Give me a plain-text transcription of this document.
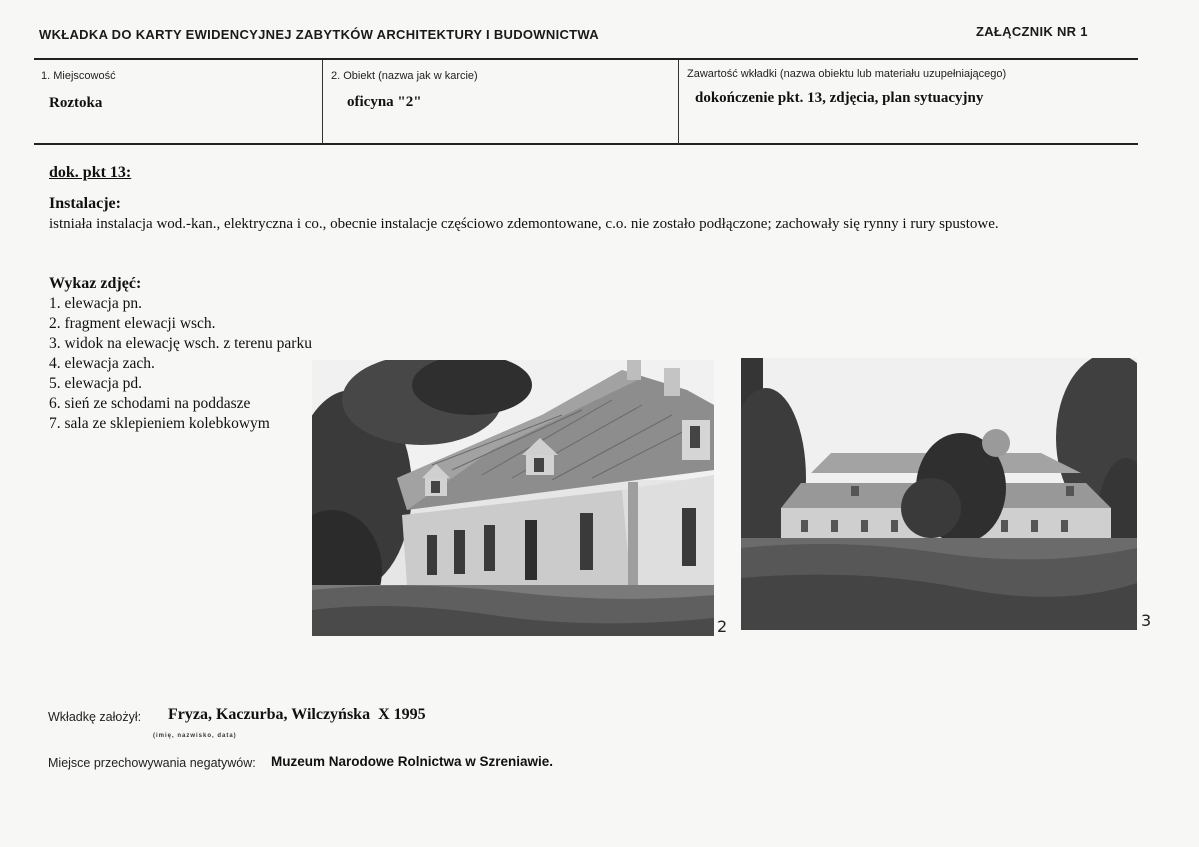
WKŁADKA DO KARTY EWIDENCYJNEJ ZABYTKÓW ARCHITEKTURY I BUDOWNICTWA	ZAŁĄCZNIK NR 1
1. Miejscowość
Roztoka
2. Obiekt (nazwa jak w karcie)
oficyna "2"
Zawartość wkładki (nazwa obiektu lub materiału uzupełniającego)
dokończenie pkt. 13, zdjęcia, plan sytuacyjny
dok. pkt 13:
Instalacje:
istniała instalacja wod.-kan., elektryczna i co., obecnie instalacje częściowo zdemontowane, c.o. nie zostało podłączone; zachowały się rynny i rury spustowe.
Wykaz zdjęć:
1. elewacja pn.
2. fragment elewacji wsch.
3. widok na elewację wsch. z terenu parku
4. elewacja zach.
5. elewacja pd.
6. sień ze schodami na poddasze
7. sala ze sklepieniem kolebkowym
2	3
Wkładkę założył: Fryza, Kaczurba, Wilczyńska  X 1995
(imię, nazwisko, data)
Miejsce przechowywania negatywów: Muzeum Narodowe Rolnictwa w Szreniawie.
